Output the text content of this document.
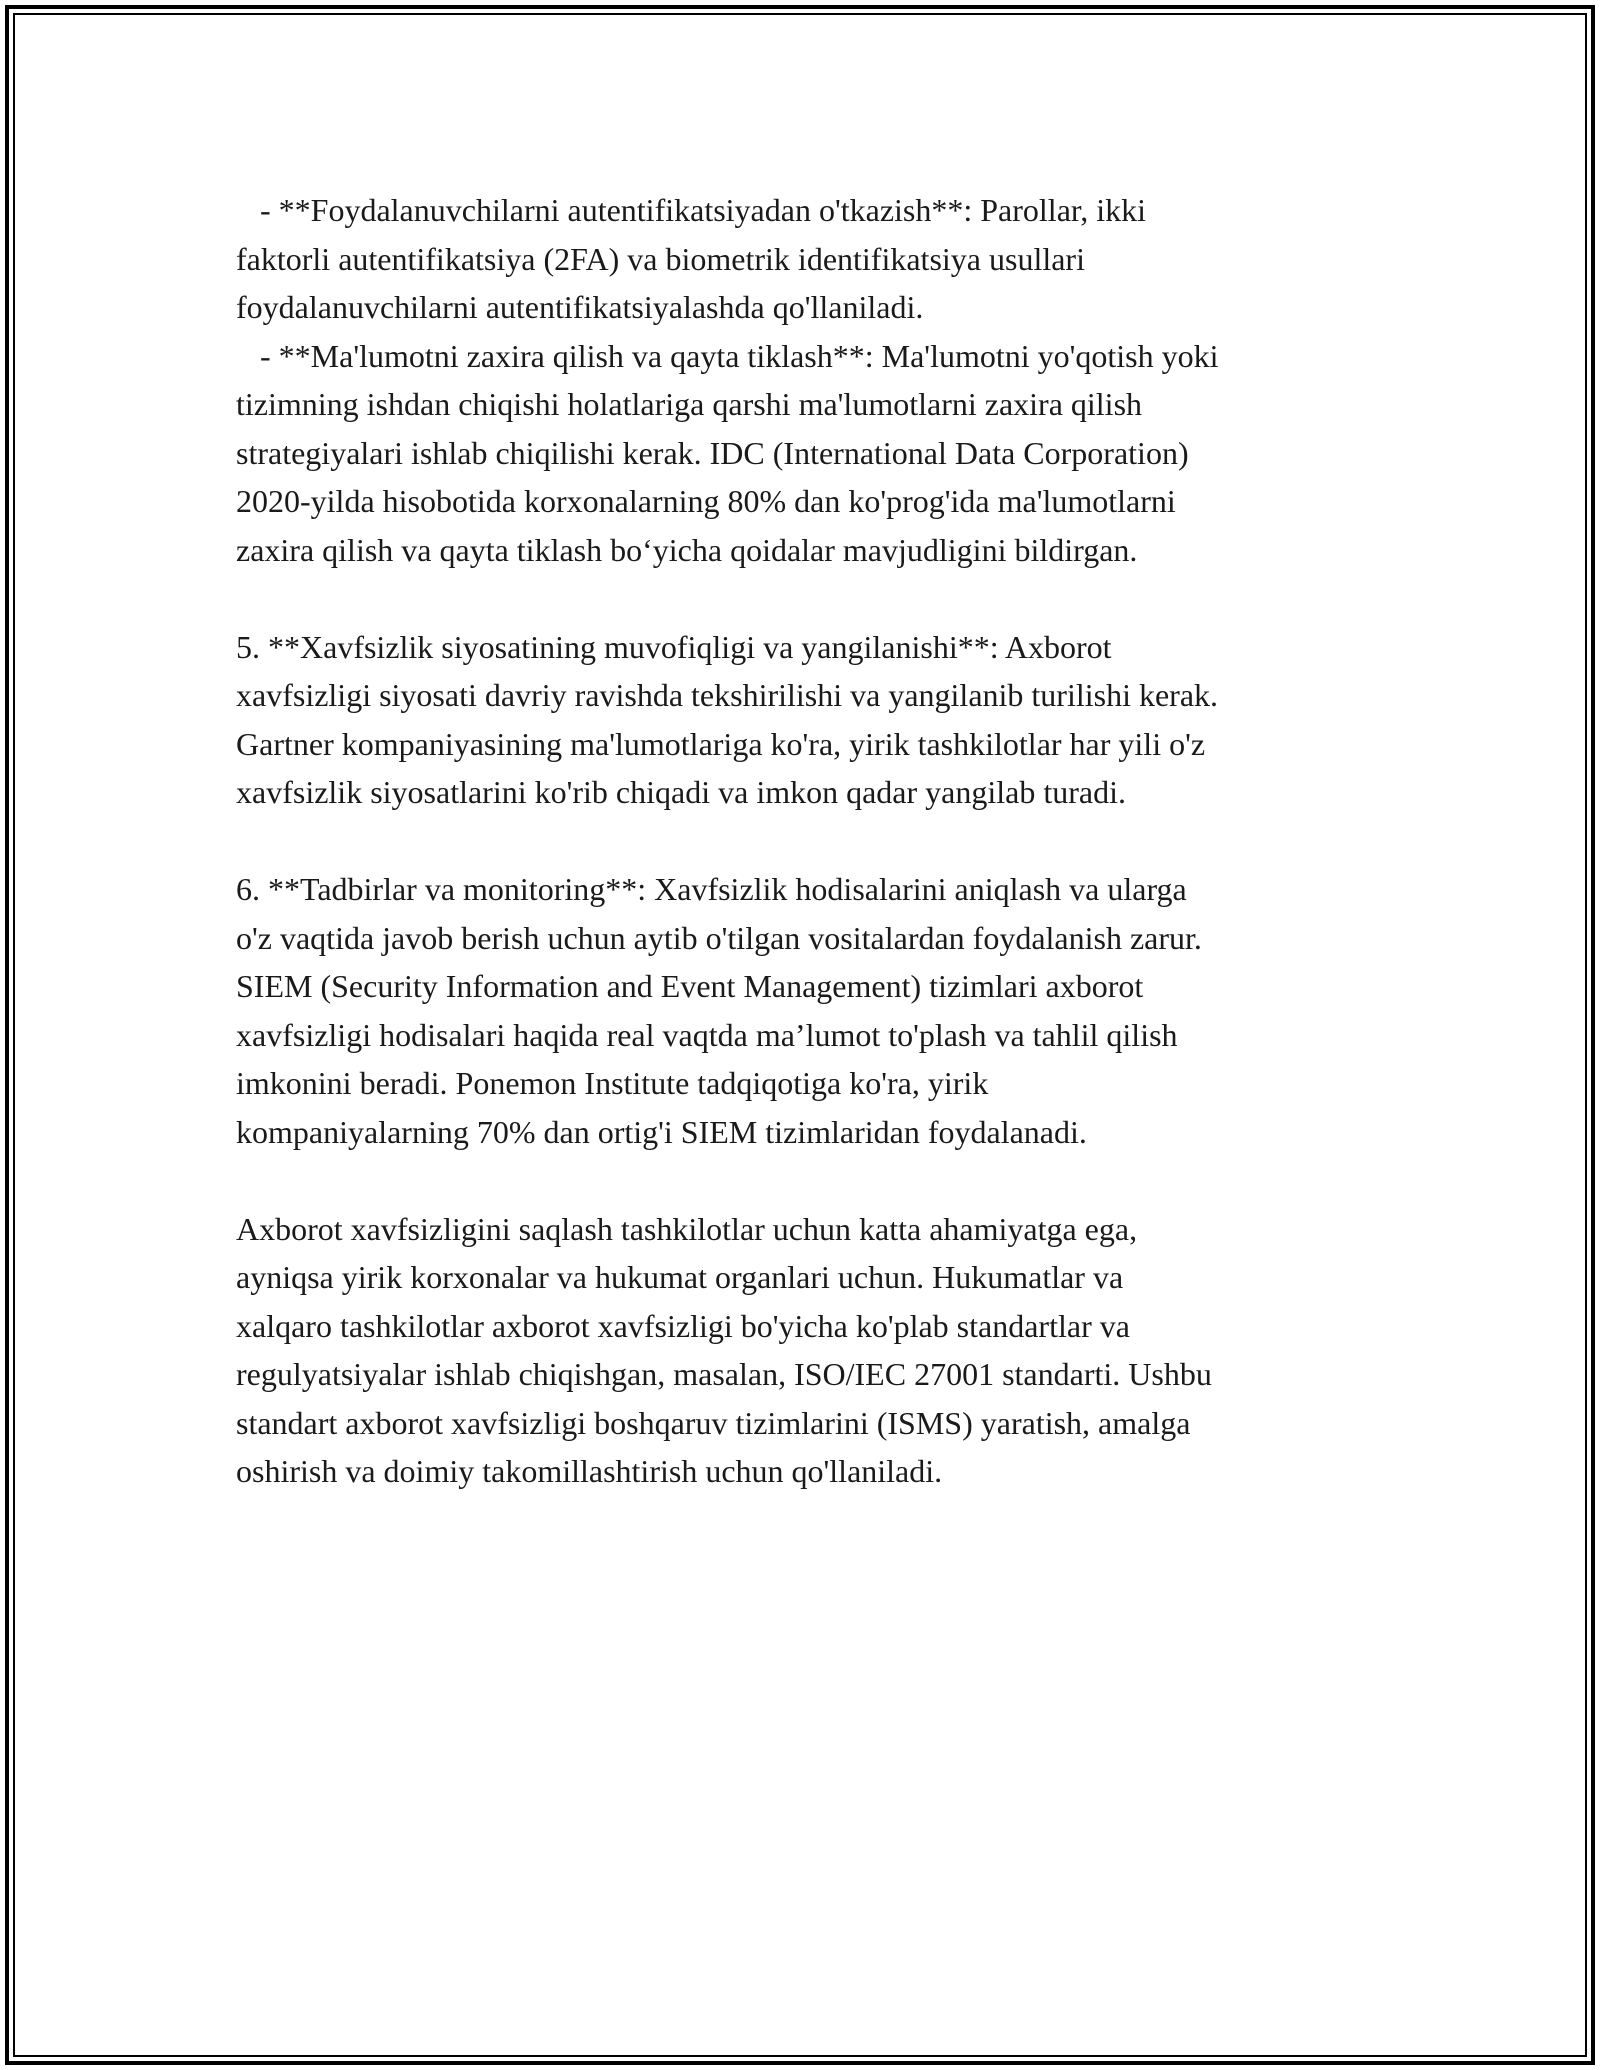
- **Foydalanuvchilarni autentifikatsiyadan o'tkazish**: Parollar, ikki
faktorli autentifikatsiya (2FA) va biometrik identifikatsiya usullari
foydalanuvchilarni autentifikatsiyalashda qo'llaniladi.
- **Ma'lumotni zaxira qilish va qayta tiklash**: Ma'lumotni yo'qotish yoki
tizimning ishdan chiqishi holatlariga qarshi ma'lumotlarni zaxira qilish
strategiyalari ishlab chiqilishi kerak. IDC (International Data Corporation)
2020-yilda hisobotida korxonalarning 80% dan ko'prog'ida ma'lumotlarni
zaxira qilish va qayta tiklash bo‘yicha qoidalar mavjudligini bildirgan.
5. **Xavfsizlik siyosatining muvofiqligi va yangilanishi**: Axborot
xavfsizligi siyosati davriy ravishda tekshirilishi va yangilanib turilishi kerak.
Gartner kompaniyasining ma'lumotlariga ko'ra, yirik tashkilotlar har yili o'z
xavfsizlik siyosatlarini ko'rib chiqadi va imkon qadar yangilab turadi.
6. **Tadbirlar va monitoring**: Xavfsizlik hodisalarini aniqlash va ularga
o'z vaqtida javob berish uchun aytib o'tilgan vositalardan foydalanish zarur.
SIEM (Security Information and Event Management) tizimlari axborot
xavfsizligi hodisalari haqida real vaqtda ma’lumot to'plash va tahlil qilish
imkonini beradi. Ponemon Institute tadqiqotiga ko'ra, yirik
kompaniyalarning 70% dan ortig'i SIEM tizimlaridan foydalanadi.
Axborot xavfsizligini saqlash tashkilotlar uchun katta ahamiyatga ega,
ayniqsa yirik korxonalar va hukumat organlari uchun. Hukumatlar va
xalqaro tashkilotlar axborot xavfsizligi bo'yicha ko'plab standartlar va
regulyatsiyalar ishlab chiqishgan, masalan, ISO/IEC 27001 standarti. Ushbu
standart axborot xavfsizligi boshqaruv tizimlarini (ISMS) yaratish, amalga
oshirish va doimiy takomillashtirish uchun qo'llaniladi.
